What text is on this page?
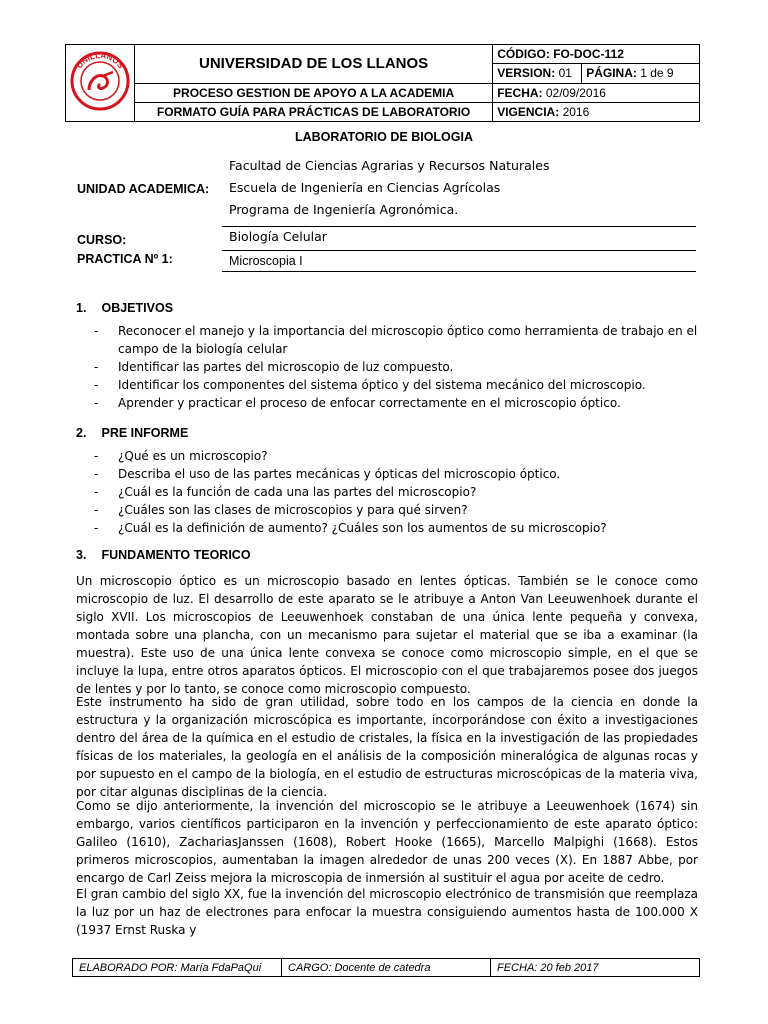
UNILLANOS	UNIVERSIDAD DE LOS LLANOS	CÓDIGO: FO-DOC-112	
		VERSION: 01	PÁGINA: 1 de 9
	PROCESO GESTION DE APOYO A LA ACADEMIA	FECHA: 02/09/2016	
	FORMATO GUÍA PARA PRÁCTICAS DE LABORATORIO	VIGENCIA: 2016	
LABORATORIO DE BIOLOGIA
UNIDAD ACADEMICA:
Facultad de Ciencias Agrarias y Recursos Naturales
Escuela de Ingeniería en Ciencias Agrícolas
Programa de Ingeniería Agronómica.
CURSO:	Biología Celular
PRACTICA Nº 1:	Microscopia I
1. OBJETIVOS
- Reconocer el manejo y la importancia del microscopio óptico como herramienta de trabajo en el campo de la biología celular
- Identificar las partes del microscopio de luz compuesto.
- Identificar los componentes del sistema óptico y del sistema mecánico del microscopio.
- Aprender y practicar el proceso de enfocar correctamente en el microscopio óptico.
2. PRE INFORME
- ¿Qué es un microscopio?
- Describa el uso de las partes mecánicas y ópticas del microscopio óptico.
- ¿Cuál es la función de cada una las partes del microscopio?
- ¿Cuáles son las clases de microscopios y para qué sirven?
- ¿Cuál es la definición de aumento? ¿Cuáles son los aumentos de su microscopio?
3. FUNDAMENTO TEORICO
Un microscopio óptico es un microscopio basado en lentes ópticas. También se le conoce como microscopio de luz. El desarrollo de este aparato se le atribuye a Anton Van Leeuwenhoek durante el siglo XVII. Los microscopios de Leeuwenhoek constaban de una única lente pequeña y convexa, montada sobre una plancha, con un mecanismo para sujetar el material que se iba a examinar (la muestra). Este uso de una única lente convexa se conoce como microscopio simple, en el que se incluye la lupa, entre otros aparatos ópticos. El microscopio con el que trabajaremos posee dos juegos de lentes y por lo tanto, se conoce como microscopio compuesto.
Este instrumento ha sido de gran utilidad, sobre todo en los campos de la ciencia en donde la estructura y la organización microscópica es importante, incorporándose con éxito a investigaciones dentro del área de la química en el estudio de cristales, la física en la investigación de las propiedades físicas de los materiales, la geología en el análisis de la composición mineralógica de algunas rocas y por supuesto en el campo de la biología, en el estudio de estructuras microscópicas de la materia viva, por citar algunas disciplinas de la ciencia.
Como se dijo anteriormente, la invención del microscopio se le atribuye a Leeuwenhoek (1674) sin embargo, varios científicos participaron en la invención y perfeccionamiento de este aparato óptico: Galileo (1610), ZachariasJanssen (1608), Robert Hooke (1665), Marcello Malpighi (1668). Estos primeros microscopios, aumentaban la imagen alrededor de unas 200 veces (X). En 1887 Abbe, por encargo de Carl Zeiss mejora la microscopia de inmersión al sustituir el agua por aceite de cedro.
El gran cambio del siglo XX, fue la invención del microscopio electrónico de transmisión que reemplaza la luz por un haz de electrones para enfocar la muestra consiguiendo aumentos hasta de 100.000 X (1937 Ernst Ruska y
ELABORADO POR: María FdaPaQui	CARGO: Docente de catedra	FECHA: 20 feb 2017
